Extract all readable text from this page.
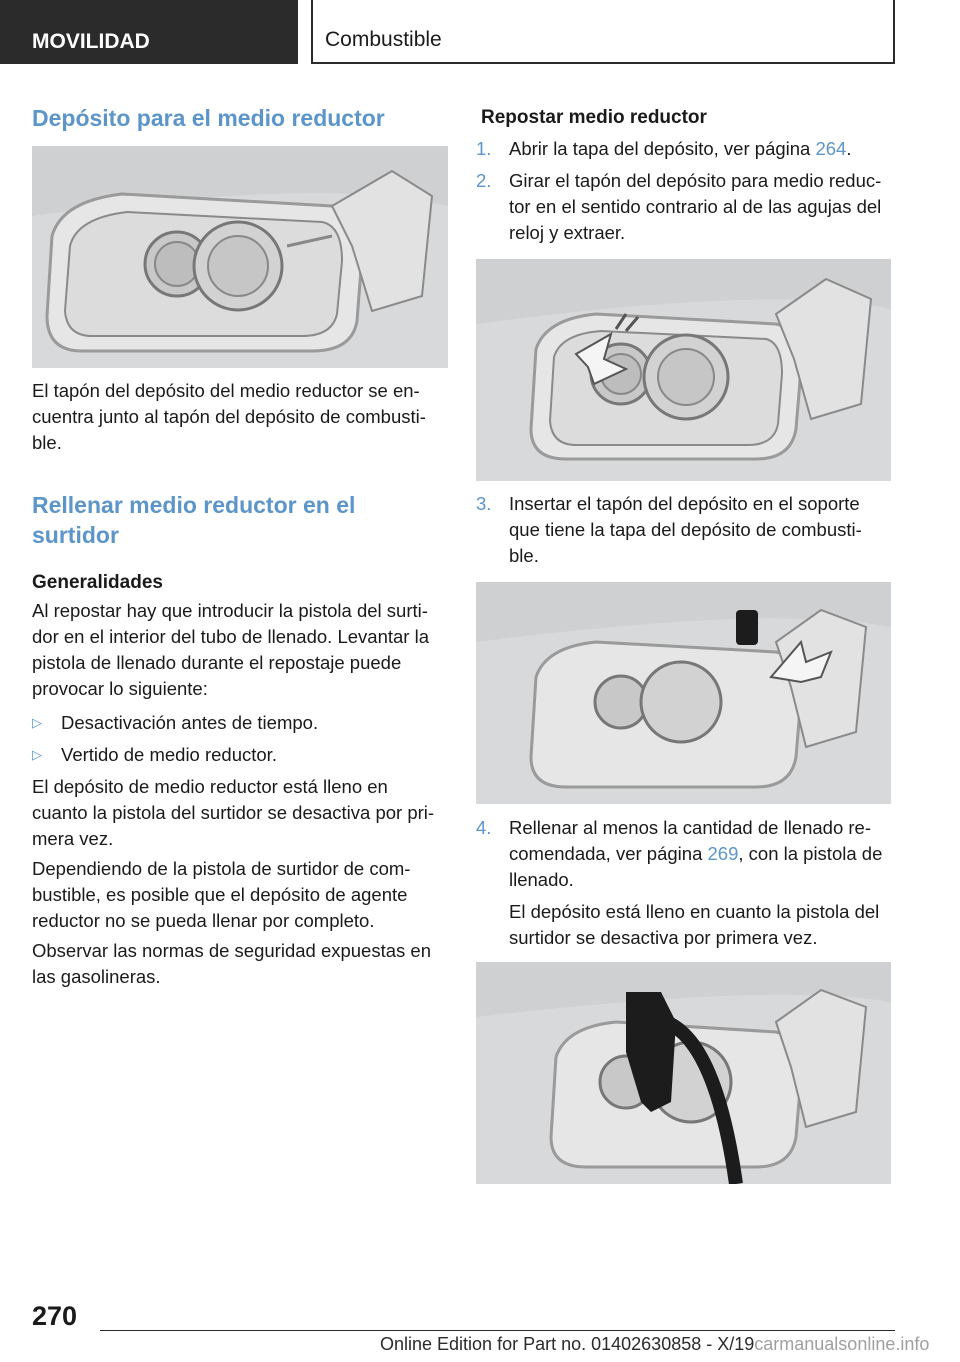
MOVILIDAD	Combustible
Depósito para el medio reductor

El tapón del depósito del medio reductor se en-
cuentra junto al tapón del depósito de combusti-
ble.

Rellenar medio reductor en el
surtidor
Generalidades

Al repostar hay que introducir la pistola del surti-
dor en el interior del tubo de llenado. Levantar la
pistola de llenado durante el repostaje puede
provocar lo siguiente:

▷ Desactivación antes de tiempo.
▷ Vertido de medio reductor.

El depósito de medio reductor está lleno en
cuanto la pistola del surtidor se desactiva por pri-
mera vez.

Dependiendo de la pistola de surtidor de com-
bustible, es posible que el depósito de agente
reductor no se pueda llenar por completo.

Observar las normas de seguridad expuestas en
las gasolineras.

Repostar medio reductor
1. Abrir la tapa del depósito, ver página 264.
2. Girar el tapón del depósito para medio reduc-
tor en el sentido contrario al de las agujas del
reloj y extraer.
3. Insertar el tapón del depósito en el soporte
que tiene la tapa del depósito de combusti-
ble.
4. Rellenar al menos la cantidad de llenado re-
comendada, ver página 269, con la pistola de
llenado.
El depósito está lleno en cuanto la pistola del
surtidor se desactiva por primera vez.
270
Online Edition for Part no. 01402630858 - X/19carmanualsonline.info
